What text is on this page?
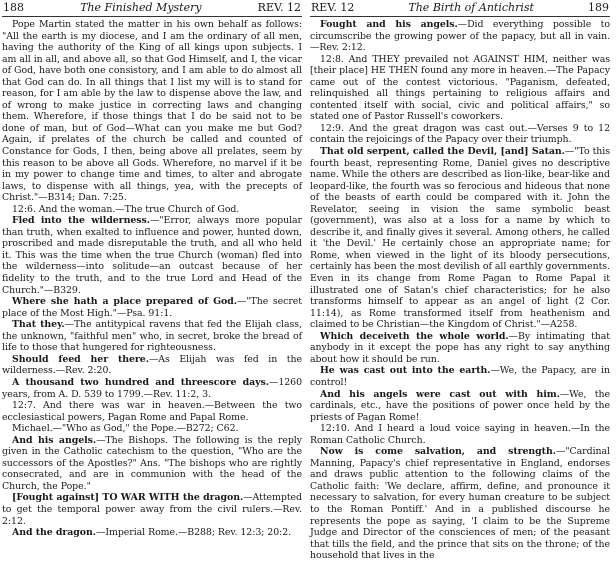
188	The Finished Mystery	REV. 12

Pope Martin stated the matter in his own behalf as follows: "All the earth is my diocese, and I am the ordinary of all men, having the authority of the King of all kings upon subjects. I am all in all, and above all, so that God Himself, and I, the vicar of God, have both one consistory, and I am able to do almost all that God can do. In all things that I list my will is to stand for reason, for I am able by the law to dispense above the law, and of wrong to make justice in correcting laws and changing them. Wherefore, if those things that I do be said not to be done of man, but of God—What can you make me but God? Again, if prelates of the church be called and counted of Constance for Gods, I then, being above all prelates, seem by this reason to be above all Gods. Wherefore, no marvel if it be in my power to change time and times, to alter and abrogate laws, to dispense with all things, yea, with the precepts of Christ."—B314; Dan. 7:25.

12:6. And the woman.—The true Church of God.

Fled into the wilderness.—"Error, always more popular than truth, when exalted to influence and power, hunted down, proscribed and made disreputable the truth, and all who held it. This was the time when the true Church (woman) fled into the wilderness—into solitude—an outcast because of her fidelity to the truth, and to the true Lord and Head of the Church."—B329.

Where she hath a place prepared of God.—"The secret place of the Most High."—Psa. 91:1.

That they.—The antitypical ravens that fed the Elijah class, the unknown, "faithful men" who, in secret, broke the bread of life to those that hungered for righteousness.

Should feed her there.—As Elijah was fed in the wilderness.—Rev. 2:20.

A thousand two hundred and threescore days.—1260 years, from A. D. 539 to 1799.—Rev. 11:2, 3.

12:7. And there was war in heaven.—Between the two ecclesiastical powers, Pagan Rome and Papal Rome.

Michael.—"Who as God," the Pope.—B272; C62.

And his angels.—The Bishops. The following is the reply given in the Catholic catechism to the question, "Who are the successors of the Apostles?" Ans. "The bishops who are rightly consecrated, and are in communion with the head of the Church, the Pope."

[Fought against] TO WAR WITH the dragon.—Attempted to get the temporal power away from the civil rulers.—Rev. 2:12.

And the dragon.—Imperial Rome.—B288; Rev. 12:3; 20:2.

REV. 12	The Birth of Antichrist	189

Fought and his angels.—Did everything possible to circumscribe the growing power of the papacy, but all in vain.—Rev. 2:12.

12:8. And THEY prevailed not AGAINST HIM, neither was [their place] HE THEN found any more in heaven.—The Papacy came out of the contest victorious. "Paganism, defeated, relinquished all things pertaining to religious affairs and contented itself with social, civic and political affairs," so stated one of Pastor Russell's coworkers.

12:9. And the great dragon was cast out.—Verses 9 to 12 contain the rejoicings of the Papacy over their triumph.

That old serpent, called the Devil, [and] Satan.—"To this fourth beast, representing Rome, Daniel gives no descriptive name. While the others are described as lion-like, bear-like and leopard-like, the fourth was so ferocious and hideous that none of the beasts of earth could be compared with it. John the Revelator, seeing in vision the same symbolic beast (government), was also at a loss for a name by which to describe it, and finally gives it several. Among others, he called it 'the Devil.' He certainly chose an appropriate name; for Rome, when viewed in the light of its bloody persecutions, certainly has been the most devilish of all earthly governments. Even in its change from Rome Pagan to Rome Papal it illustrated one of Satan's chief characteristics; for he also transforms himself to appear as an angel of light (2 Cor. 11:14), as Rome transformed itself from heathenism and claimed to be Christian—the Kingdom of Christ."—A258.

Which deceiveth the whole world.—By intimating that anybody in it except the pope has any right to say anything about how it should be run.

He was cast out into the earth.—We, the Papacy, are in control!

And his angels were cast out with him.—We, the cardinals, etc., have the positions of power once held by the priests of Pagan Rome!

12:10. And I heard a loud voice saying in heaven.—In the Roman Catholic Church.

Now is come salvation, and strength.—"Cardinal Manning, Papacy's chief representative in England, endorses and draws public attention to the following claims of the Catholic faith: 'We declare, affirm, define, and pronounce it necessary to salvation, for every human creature to be subject to the Roman Pontiff.' And in a published discourse he represents the pope as saying, 'I claim to be the Supreme Judge and Director of the consciences of men; of the peasant that tills the field, and the prince that sits on the throne; of the household that lives in the
